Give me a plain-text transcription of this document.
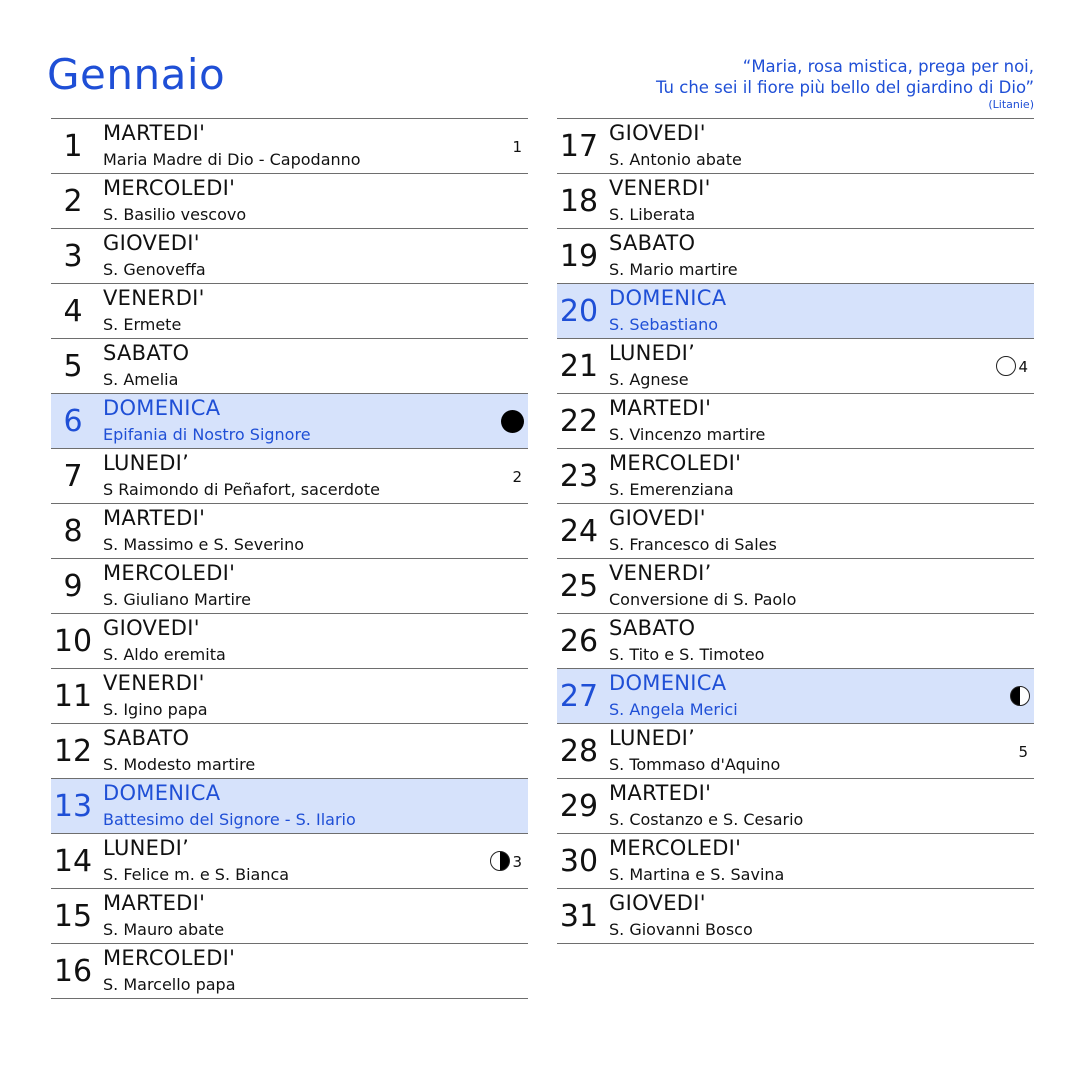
Gennaio	“Maria, rosa mistica, prega per noi,
Tu che sei il fiore più bello del giardino di Dio”
(Litanie)
1 MARTEDI'
Maria Madre di Dio - Capodanno
1
2 MERCOLEDI'
S. Basilio vescovo
3 GIOVEDI'
S. Genoveffa
4 VENERDI'
S. Ermete
5 SABATO
S. Amelia
6 DOMENICA
Epifania di Nostro Signore
7 LUNEDI’
S Raimondo di Peñafort, sacerdote
2
8 MARTEDI'
S. Massimo e S. Severino
9 MERCOLEDI'
S. Giuliano Martire
10 GIOVEDI'
S. Aldo eremita
11 VENERDI'
S. Igino papa
12 SABATO
S. Modesto martire
13 DOMENICA
Battesimo del Signore - S. Ilario
14 LUNEDI’
S. Felice m. e S. Bianca
3
15 MARTEDI'
S. Mauro abate
16 MERCOLEDI'
S. Marcello papa
17 GIOVEDI'
S. Antonio abate
18 VENERDI'
S. Liberata
19 SABATO
S. Mario martire
20 DOMENICA
S. Sebastiano
21 LUNEDI’
S. Agnese
4
22 MARTEDI'
S. Vincenzo martire
23 MERCOLEDI'
S. Emerenziana
24 GIOVEDI'
S. Francesco di Sales
25 VENERDI’
Conversione di S. Paolo
26 SABATO
S. Tito e S. Timoteo
27 DOMENICA
S. Angela Merici
28 LUNEDI’
S. Tommaso d'Aquino
5
29 MARTEDI'
S. Costanzo e S. Cesario
30 MERCOLEDI'
S. Martina e S. Savina
31 GIOVEDI'
S. Giovanni Bosco
